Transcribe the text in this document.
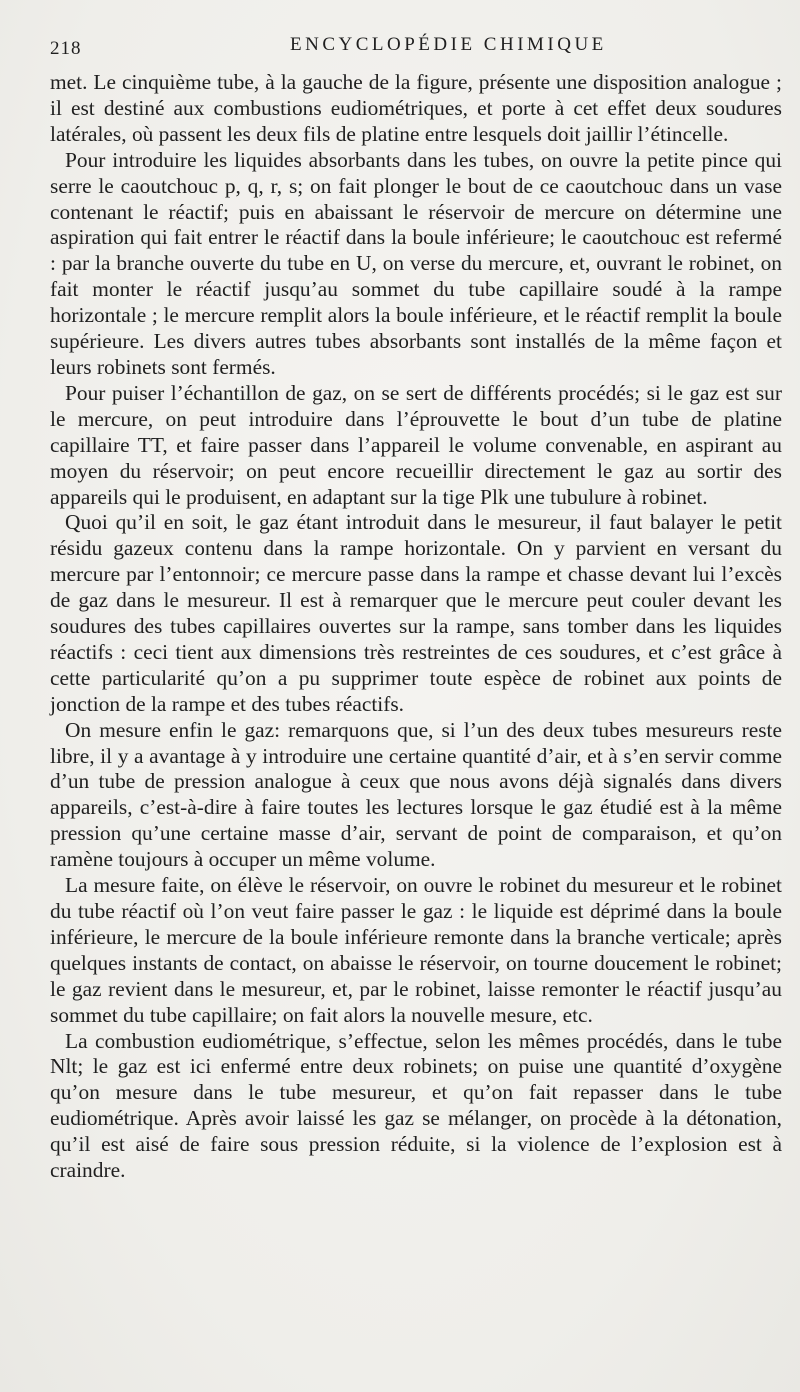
218	ENCYCLOPÉDIE CHIMIQUE

met. Le cinquième tube, à la gauche de la figure, présente une disposition analogue ; il est destiné aux combustions eudiométriques, et porte à cet effet deux soudures latérales, où passent les deux fils de platine entre lesquels doit jaillir l’étincelle.

Pour introduire les liquides absorbants dans les tubes, on ouvre la petite pince qui serre le caoutchouc p, q, r, s; on fait plonger le bout de ce caoutchouc dans un vase contenant le réactif; puis en abaissant le réservoir de mercure on détermine une aspiration qui fait entrer le réactif dans la boule inférieure; le caoutchouc est refermé : par la branche ouverte du tube en U, on verse du mercure, et, ouvrant le robinet, on fait monter le réactif jusqu’au sommet du tube capillaire soudé à la rampe horizontale ; le mercure remplit alors la boule inférieure, et le réactif remplit la boule supérieure. Les divers autres tubes absorbants sont installés de la même façon et leurs robinets sont fermés.

Pour puiser l’échantillon de gaz, on se sert de différents procédés; si le gaz est sur le mercure, on peut introduire dans l’éprouvette le bout d’un tube de platine capillaire TT, et faire passer dans l’appareil le volume convenable, en aspirant au moyen du réservoir; on peut encore recueillir directement le gaz au sortir des appareils qui le produisent, en adaptant sur la tige Plk une tubulure à robinet.

Quoi qu’il en soit, le gaz étant introduit dans le mesureur, il faut balayer le petit résidu gazeux contenu dans la rampe horizontale. On y parvient en versant du mercure par l’entonnoir; ce mercure passe dans la rampe et chasse devant lui l’excès de gaz dans le mesureur. Il est à remarquer que le mercure peut couler devant les soudures des tubes capillaires ouvertes sur la rampe, sans tomber dans les liquides réactifs : ceci tient aux dimensions très restreintes de ces soudures, et c’est grâce à cette particularité qu’on a pu supprimer toute espèce de robinet aux points de jonction de la rampe et des tubes réactifs.

On mesure enfin le gaz: remarquons que, si l’un des deux tubes mesureurs reste libre, il y a avantage à y introduire une certaine quantité d’air, et à s’en servir comme d’un tube de pression analogue à ceux que nous avons déjà signalés dans divers appareils, c’est-à-dire à faire toutes les lectures lorsque le gaz étudié est à la même pression qu’une certaine masse d’air, servant de point de comparaison, et qu’on ramène toujours à occuper un même volume.

La mesure faite, on élève le réservoir, on ouvre le robinet du mesureur et le robinet du tube réactif où l’on veut faire passer le gaz : le liquide est déprimé dans la boule inférieure, le mercure de la boule inférieure remonte dans la branche verticale; après quelques instants de contact, on abaisse le réservoir, on tourne doucement le robinet; le gaz revient dans le mesureur, et, par le robinet, laisse remonter le réactif jusqu’au sommet du tube capillaire; on fait alors la nouvelle mesure, etc.

La combustion eudiométrique, s’effectue, selon les mêmes procédés, dans le tube Nlt; le gaz est ici enfermé entre deux robinets; on puise une quantité d’oxygène qu’on mesure dans le tube mesureur, et qu’on fait repasser dans le tube eudiométrique. Après avoir laissé les gaz se mélanger, on procède à la détonation, qu’il est aisé de faire sous pression réduite, si la violence de l’explosion est à craindre.
